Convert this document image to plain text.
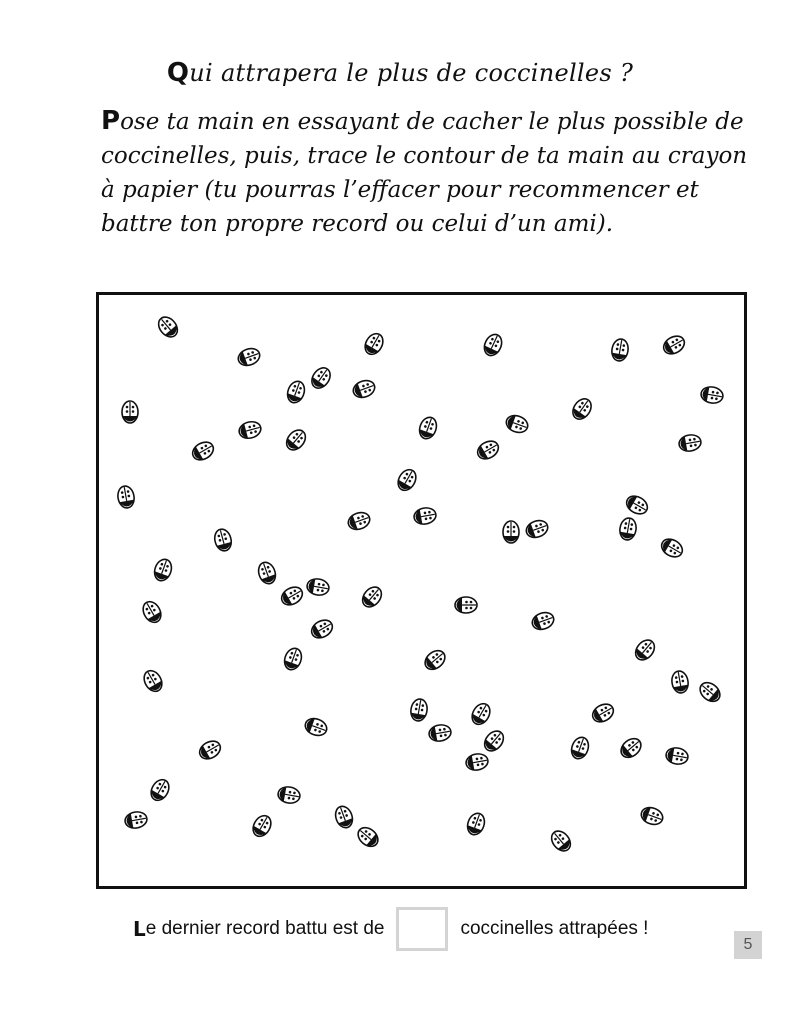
Qui attrapera le plus de coccinelles ?
Pose ta main en essayant de cacher le plus possible de
coccinelles, puis, trace le contour de ta main au crayon
à papier (tu pourras l’effacer pour recommencer et
battre ton propre record ou celui d’un ami).
L e dernier record battu est de	coccinelles attrapées !
5
